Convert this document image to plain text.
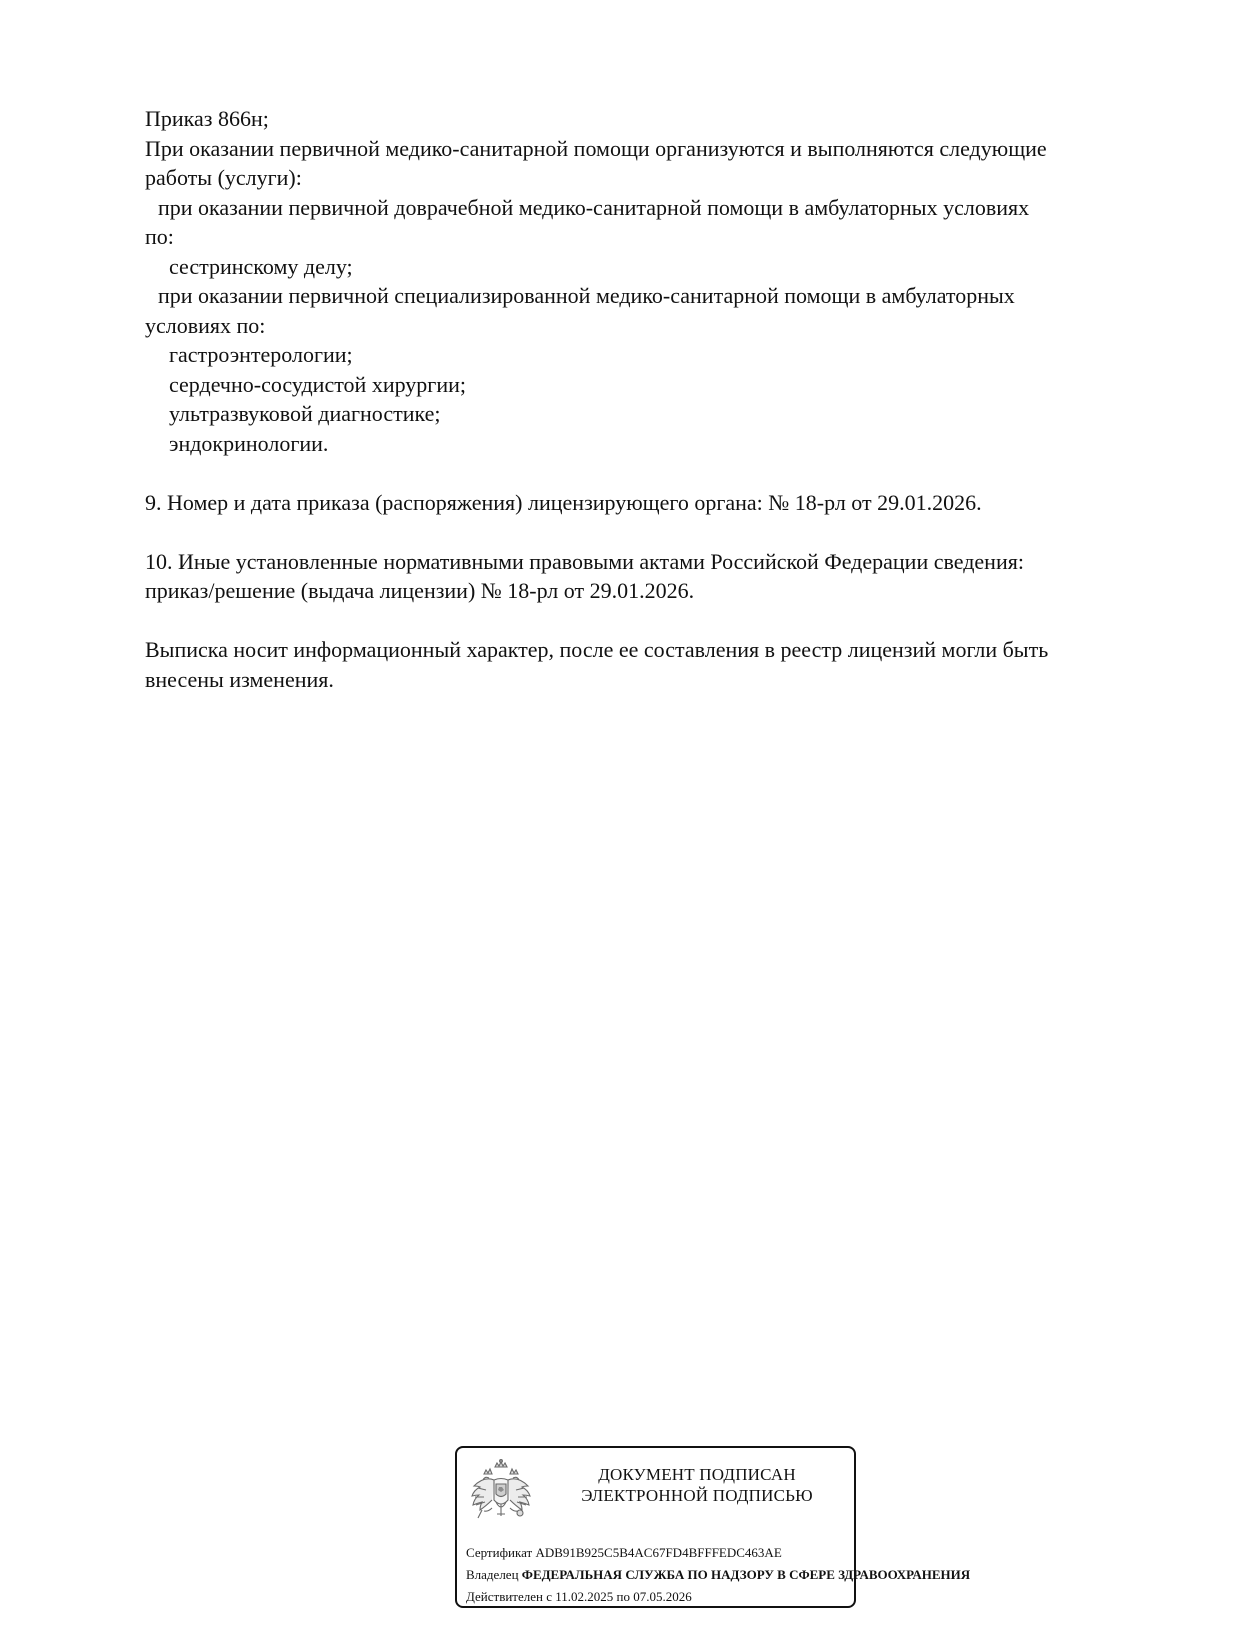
Приказ 866н;
При оказании первичной медико-санитарной помощи организуются и выполняются следующие
работы (услуги):
при оказании первичной доврачебной медико-санитарной помощи в амбулаторных условиях
по:
сестринскому делу;
при оказании первичной специализированной медико-санитарной помощи в амбулаторных
условиях по:
гастроэнтерологии;
сердечно-сосудистой хирургии;
ультразвуковой диагностике;
эндокринологии.
9. Номер и дата приказа (распоряжения) лицензирующего органа: № 18-рл от 29.01.2026.
10. Иные установленные нормативными правовыми актами Российской Федерации сведения:
приказ/решение (выдача лицензии) № 18-рл от 29.01.2026.
Выписка носит информационный характер, после ее составления в реестр лицензий могли быть
внесены изменения.
ДОКУМЕНТ ПОДПИСАН
ЭЛЕКТРОННОЙ ПОДПИСЬЮ
Сертификат ADB91B925C5B4AC67FD4BFFFEDC463AE
Владелец ФЕДЕРАЛЬНАЯ СЛУЖБА ПО НАДЗОРУ В СФЕРЕ ЗДРАВООХРАНЕНИЯ
Действителен с 11.02.2025 по 07.05.2026
